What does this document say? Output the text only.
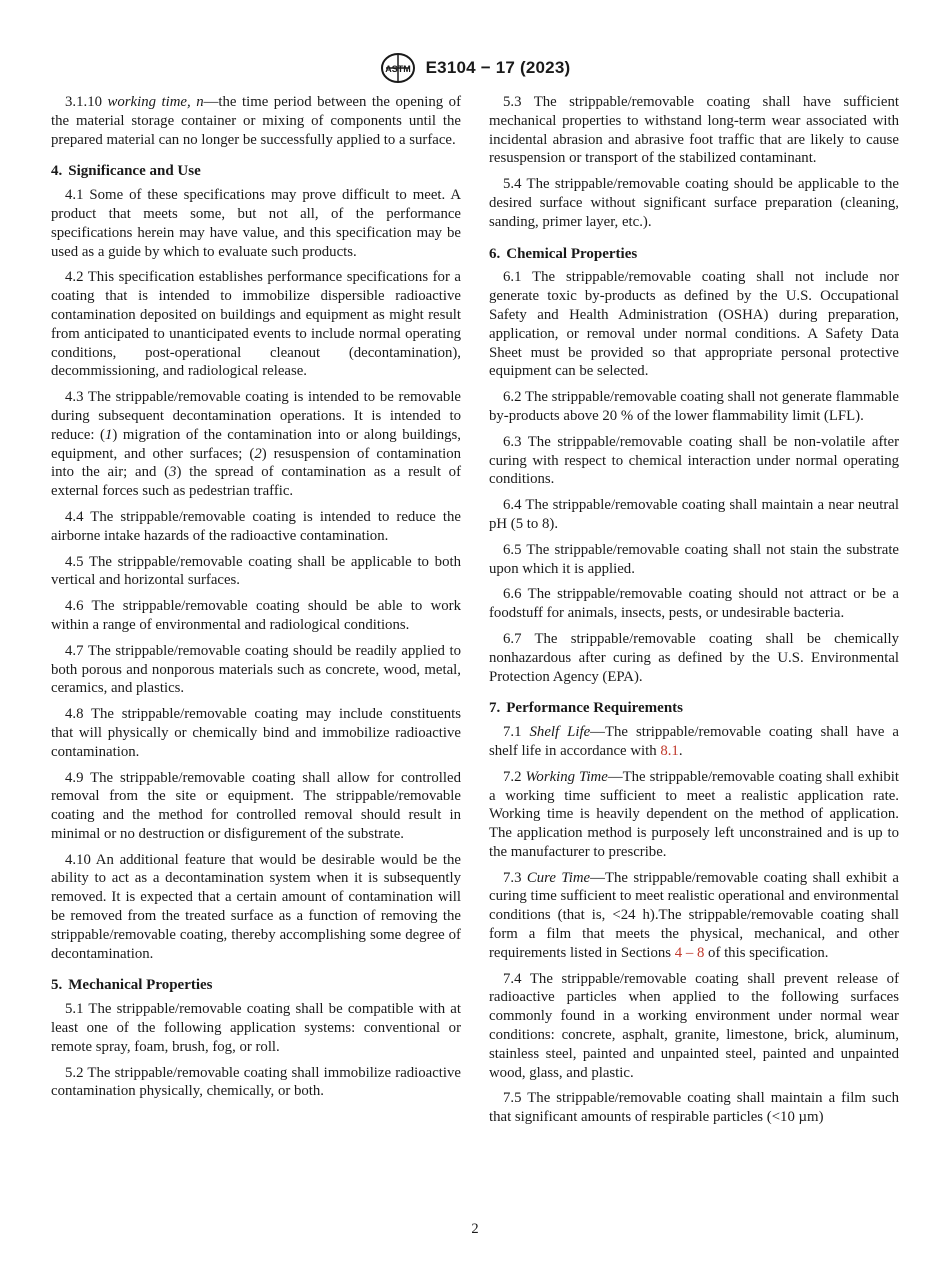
ASTM E3104 − 17 (2023)

3.1.10 working time, n—the time period between the opening of the material storage container or mixing of components until the prepared material can no longer be successfully applied to a surface.

4. Significance and Use

4.1 Some of these specifications may prove difficult to meet. A product that meets some, but not all, of the performance specifications herein may have value, and this specification may be used as a guide by which to evaluate such products.

4.2 This specification establishes performance specifications for a coating that is intended to immobilize dispersible radioactive contamination deposited on buildings and equipment as might result from anticipated to unanticipated events to include normal operating conditions, post-operational cleanout (decontamination), decommissioning, and radiological release.

4.3 The strippable/removable coating is intended to be removable during subsequent decontamination operations. It is intended to reduce: (1) migration of the contamination into or along buildings, equipment, and other surfaces; (2) resuspension of contamination into the air; and (3) the spread of contamination as a result of external forces such as pedestrian traffic.

4.4 The strippable/removable coating is intended to reduce the airborne intake hazards of the radioactive contamination.

4.5 The strippable/removable coating shall be applicable to both vertical and horizontal surfaces.

4.6 The strippable/removable coating should be able to work within a range of environmental and radiological conditions.

4.7 The strippable/removable coating should be readily applied to both porous and nonporous materials such as concrete, wood, metal, ceramics, and plastics.

4.8 The strippable/removable coating may include constituents that will physically or chemically bind and immobilize radioactive contamination.

4.9 The strippable/removable coating shall allow for controlled removal from the site or equipment. The strippable/removable coating and the method for controlled removal should result in minimal or no destruction or disfigurement of the substrate.

4.10 An additional feature that would be desirable would be the ability to act as a decontamination system when it is subsequently removed. It is expected that a certain amount of contamination will be removed from the treated surface as a function of removing the strippable/removable coating, thereby accomplishing some degree of decontamination.

5. Mechanical Properties

5.1 The strippable/removable coating shall be compatible with at least one of the following application systems: conventional or remote spray, foam, brush, fog, or roll.

5.2 The strippable/removable coating shall immobilize radioactive contamination physically, chemically, or both.

5.3 The strippable/removable coating shall have sufficient mechanical properties to withstand long-term wear associated with incidental abrasion and abrasive foot traffic that are likely to cause resuspension or transport of the stabilized contaminant.

5.4 The strippable/removable coating should be applicable to the desired surface without significant surface preparation (cleaning, sanding, primer layer, etc.).

6. Chemical Properties

6.1 The strippable/removable coating shall not include nor generate toxic by-products as defined by the U.S. Occupational Safety and Health Administration (OSHA) during preparation, application, or removal under normal conditions. A Safety Data Sheet must be provided so that appropriate personal protective equipment can be selected.

6.2 The strippable/removable coating shall not generate flammable by-products above 20 % of the lower flammability limit (LFL).

6.3 The strippable/removable coating shall be non-volatile after curing with respect to chemical interaction under normal operating conditions.

6.4 The strippable/removable coating shall maintain a near neutral pH (5 to 8).

6.5 The strippable/removable coating shall not stain the substrate upon which it is applied.

6.6 The strippable/removable coating should not attract or be a foodstuff for animals, insects, pests, or undesirable bacteria.

6.7 The strippable/removable coating shall be chemically nonhazardous after curing as defined by the U.S. Environmental Protection Agency (EPA).

7. Performance Requirements

7.1 Shelf Life—The strippable/removable coating shall have a shelf life in accordance with 8.1.

7.2 Working Time—The strippable/removable coating shall exhibit a working time sufficient to meet a realistic application rate. Working time is heavily dependent on the method of application. The application method is purposely left unconstrained and is up to the manufacturer to prescribe.

7.3 Cure Time—The strippable/removable coating shall exhibit a curing time sufficient to meet realistic operational and environmental conditions (that is, <24 h).The strippable/removable coating shall form a film that meets the physical, mechanical, and other requirements listed in Sections 4 – 8 of this specification.

7.4 The strippable/removable coating shall prevent release of radioactive particles when applied to the following surfaces commonly found in a working environment under normal wear conditions: concrete, asphalt, granite, limestone, brick, aluminum, stainless steel, painted and unpainted steel, painted and unpainted wood, glass, and plastic.

7.5 The strippable/removable coating shall maintain a film such that significant amounts of respirable particles (<10 µm)

2
